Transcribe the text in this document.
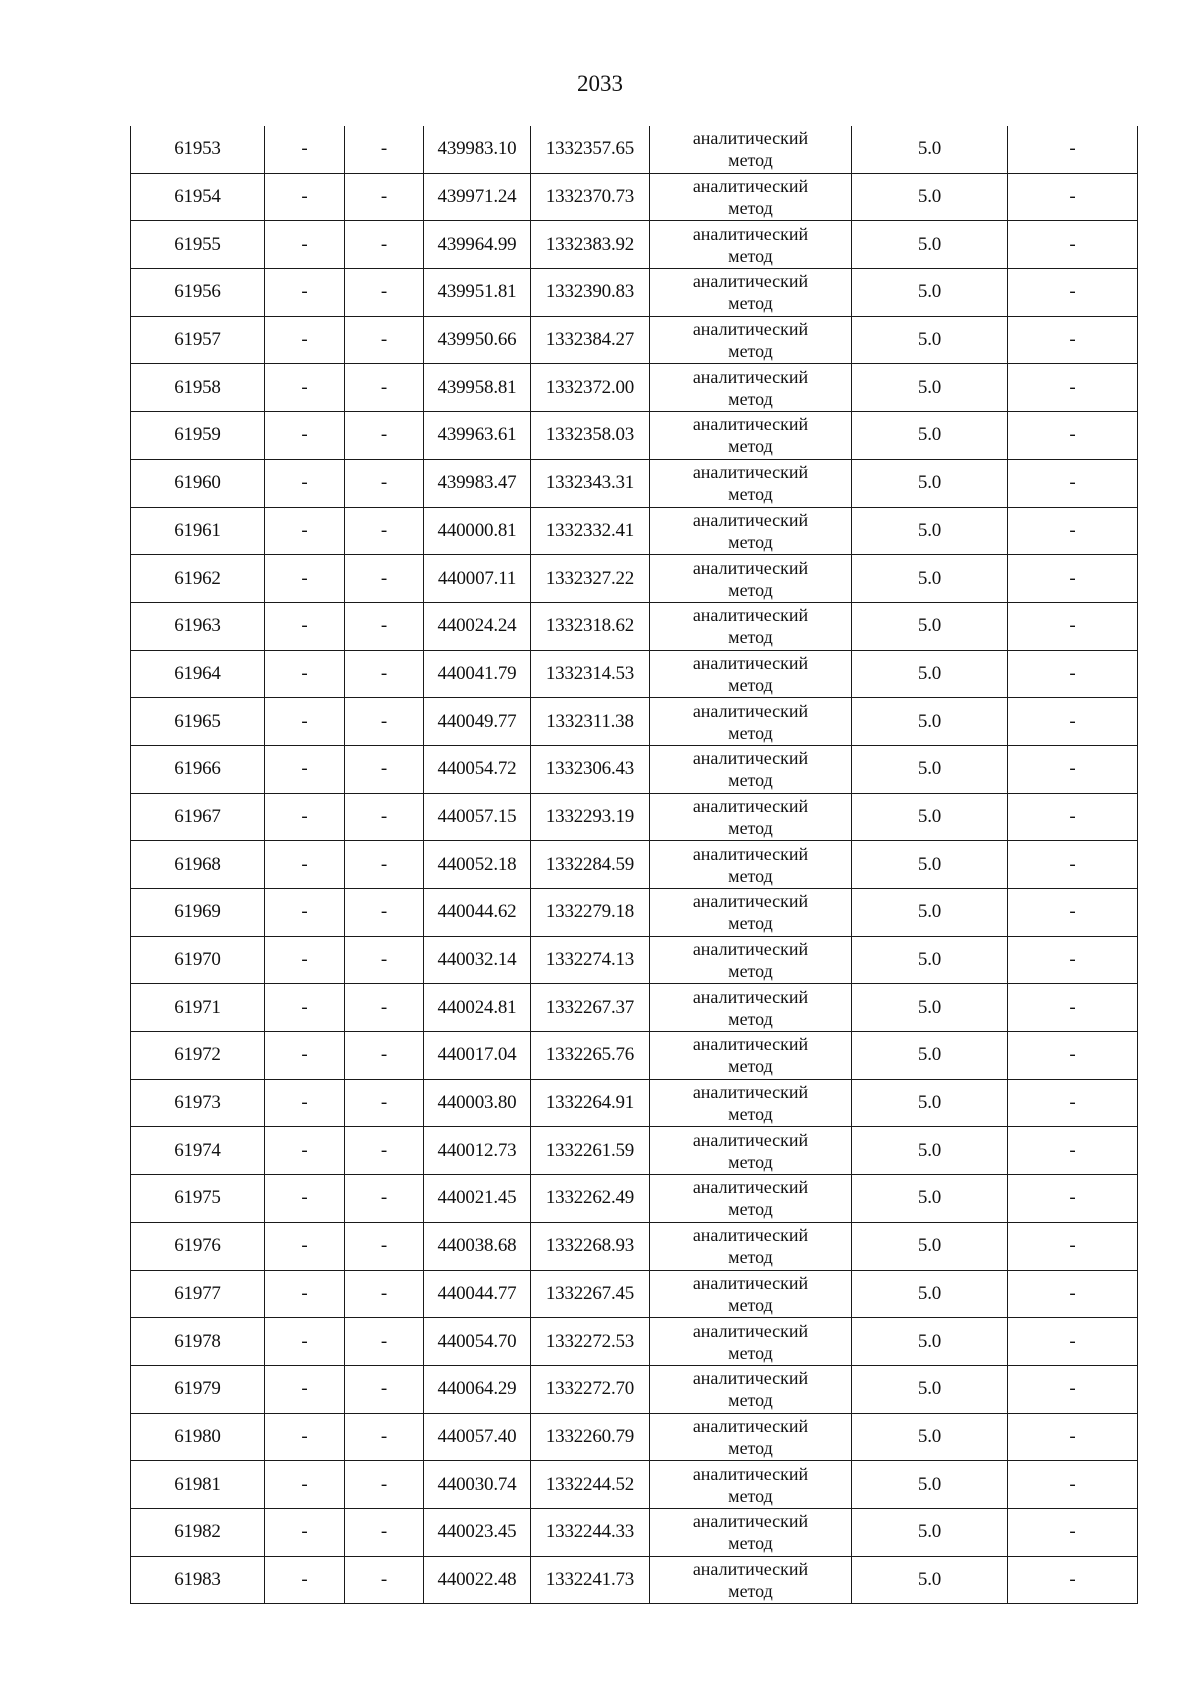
2033
61953	-	-	439983.10	1332357.65	аналитический
метод	5.0	-
61954	-	-	439971.24	1332370.73	аналитический
метод	5.0	-
61955	-	-	439964.99	1332383.92	аналитический
метод	5.0	-
61956	-	-	439951.81	1332390.83	аналитический
метод	5.0	-
61957	-	-	439950.66	1332384.27	аналитический
метод	5.0	-
61958	-	-	439958.81	1332372.00	аналитический
метод	5.0	-
61959	-	-	439963.61	1332358.03	аналитический
метод	5.0	-
61960	-	-	439983.47	1332343.31	аналитический
метод	5.0	-
61961	-	-	440000.81	1332332.41	аналитический
метод	5.0	-
61962	-	-	440007.11	1332327.22	аналитический
метод	5.0	-
61963	-	-	440024.24	1332318.62	аналитический
метод	5.0	-
61964	-	-	440041.79	1332314.53	аналитический
метод	5.0	-
61965	-	-	440049.77	1332311.38	аналитический
метод	5.0	-
61966	-	-	440054.72	1332306.43	аналитический
метод	5.0	-
61967	-	-	440057.15	1332293.19	аналитический
метод	5.0	-
61968	-	-	440052.18	1332284.59	аналитический
метод	5.0	-
61969	-	-	440044.62	1332279.18	аналитический
метод	5.0	-
61970	-	-	440032.14	1332274.13	аналитический
метод	5.0	-
61971	-	-	440024.81	1332267.37	аналитический
метод	5.0	-
61972	-	-	440017.04	1332265.76	аналитический
метод	5.0	-
61973	-	-	440003.80	1332264.91	аналитический
метод	5.0	-
61974	-	-	440012.73	1332261.59	аналитический
метод	5.0	-
61975	-	-	440021.45	1332262.49	аналитический
метод	5.0	-
61976	-	-	440038.68	1332268.93	аналитический
метод	5.0	-
61977	-	-	440044.77	1332267.45	аналитический
метод	5.0	-
61978	-	-	440054.70	1332272.53	аналитический
метод	5.0	-
61979	-	-	440064.29	1332272.70	аналитический
метод	5.0	-
61980	-	-	440057.40	1332260.79	аналитический
метод	5.0	-
61981	-	-	440030.74	1332244.52	аналитический
метод	5.0	-
61982	-	-	440023.45	1332244.33	аналитический
метод	5.0	-
61983	-	-	440022.48	1332241.73	аналитический
метод	5.0	-
